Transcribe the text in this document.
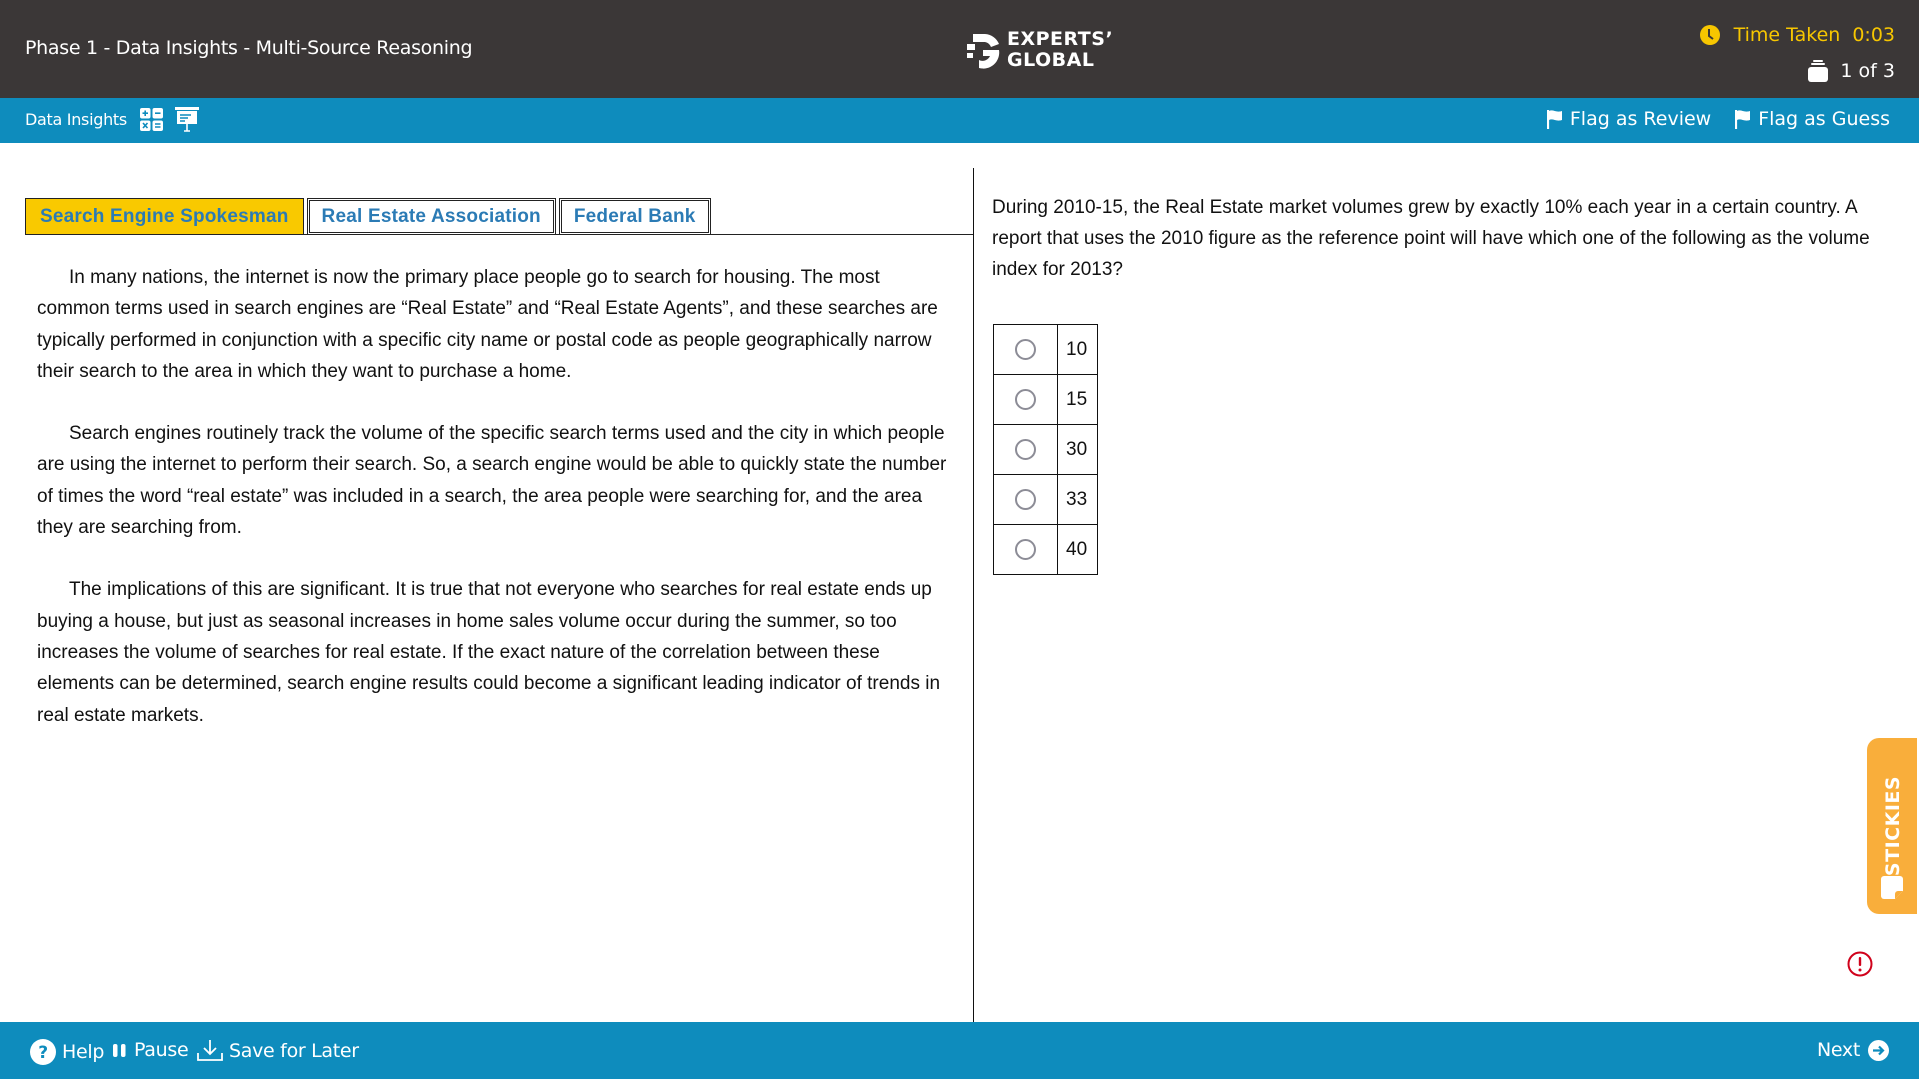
Phase 1 - Data Insights - Multi-Source Reasoning	EXPERTS’
GLOBAL
Time Taken 0:03
1 of 3
Data Insights	Flag as Review Flag as Guess
Search Engine Spokesman	Real Estate Association	Federal Bank

In many nations, the internet is now the primary place people go to search for housing. The most common terms used in search engines are “Real Estate” and “Real Estate Agents”, and these searches are typically performed in conjunction with a specific city name or postal code as people geographically narrow their search to the area in which they want to purchase a home.

Search engines routinely track the volume of the specific search terms used and the city in which people are using the internet to perform their search. So, a search engine would be able to quickly state the number of times the word “real estate” was included in a search, the area people were searching for, and the area they are searching from.

The implications of this are significant. It is true that not everyone who searches for real estate ends up buying a house, but just as seasonal increases in home sales volume occur during the summer, so too increases the volume of searches for real estate. If the exact nature of the correlation between these elements can be determined, search engine results could become a significant leading indicator of trends in real estate markets.

During 2010-15, the Real Estate market volumes grew by exactly 10% each year in a certain country. A report that uses the 2010 figure as the reference point will have which one of the following as the volume index for 2013?
	10
	15
	30
	33
	40
STICKIES
? Help Pause Save for Later	Next
